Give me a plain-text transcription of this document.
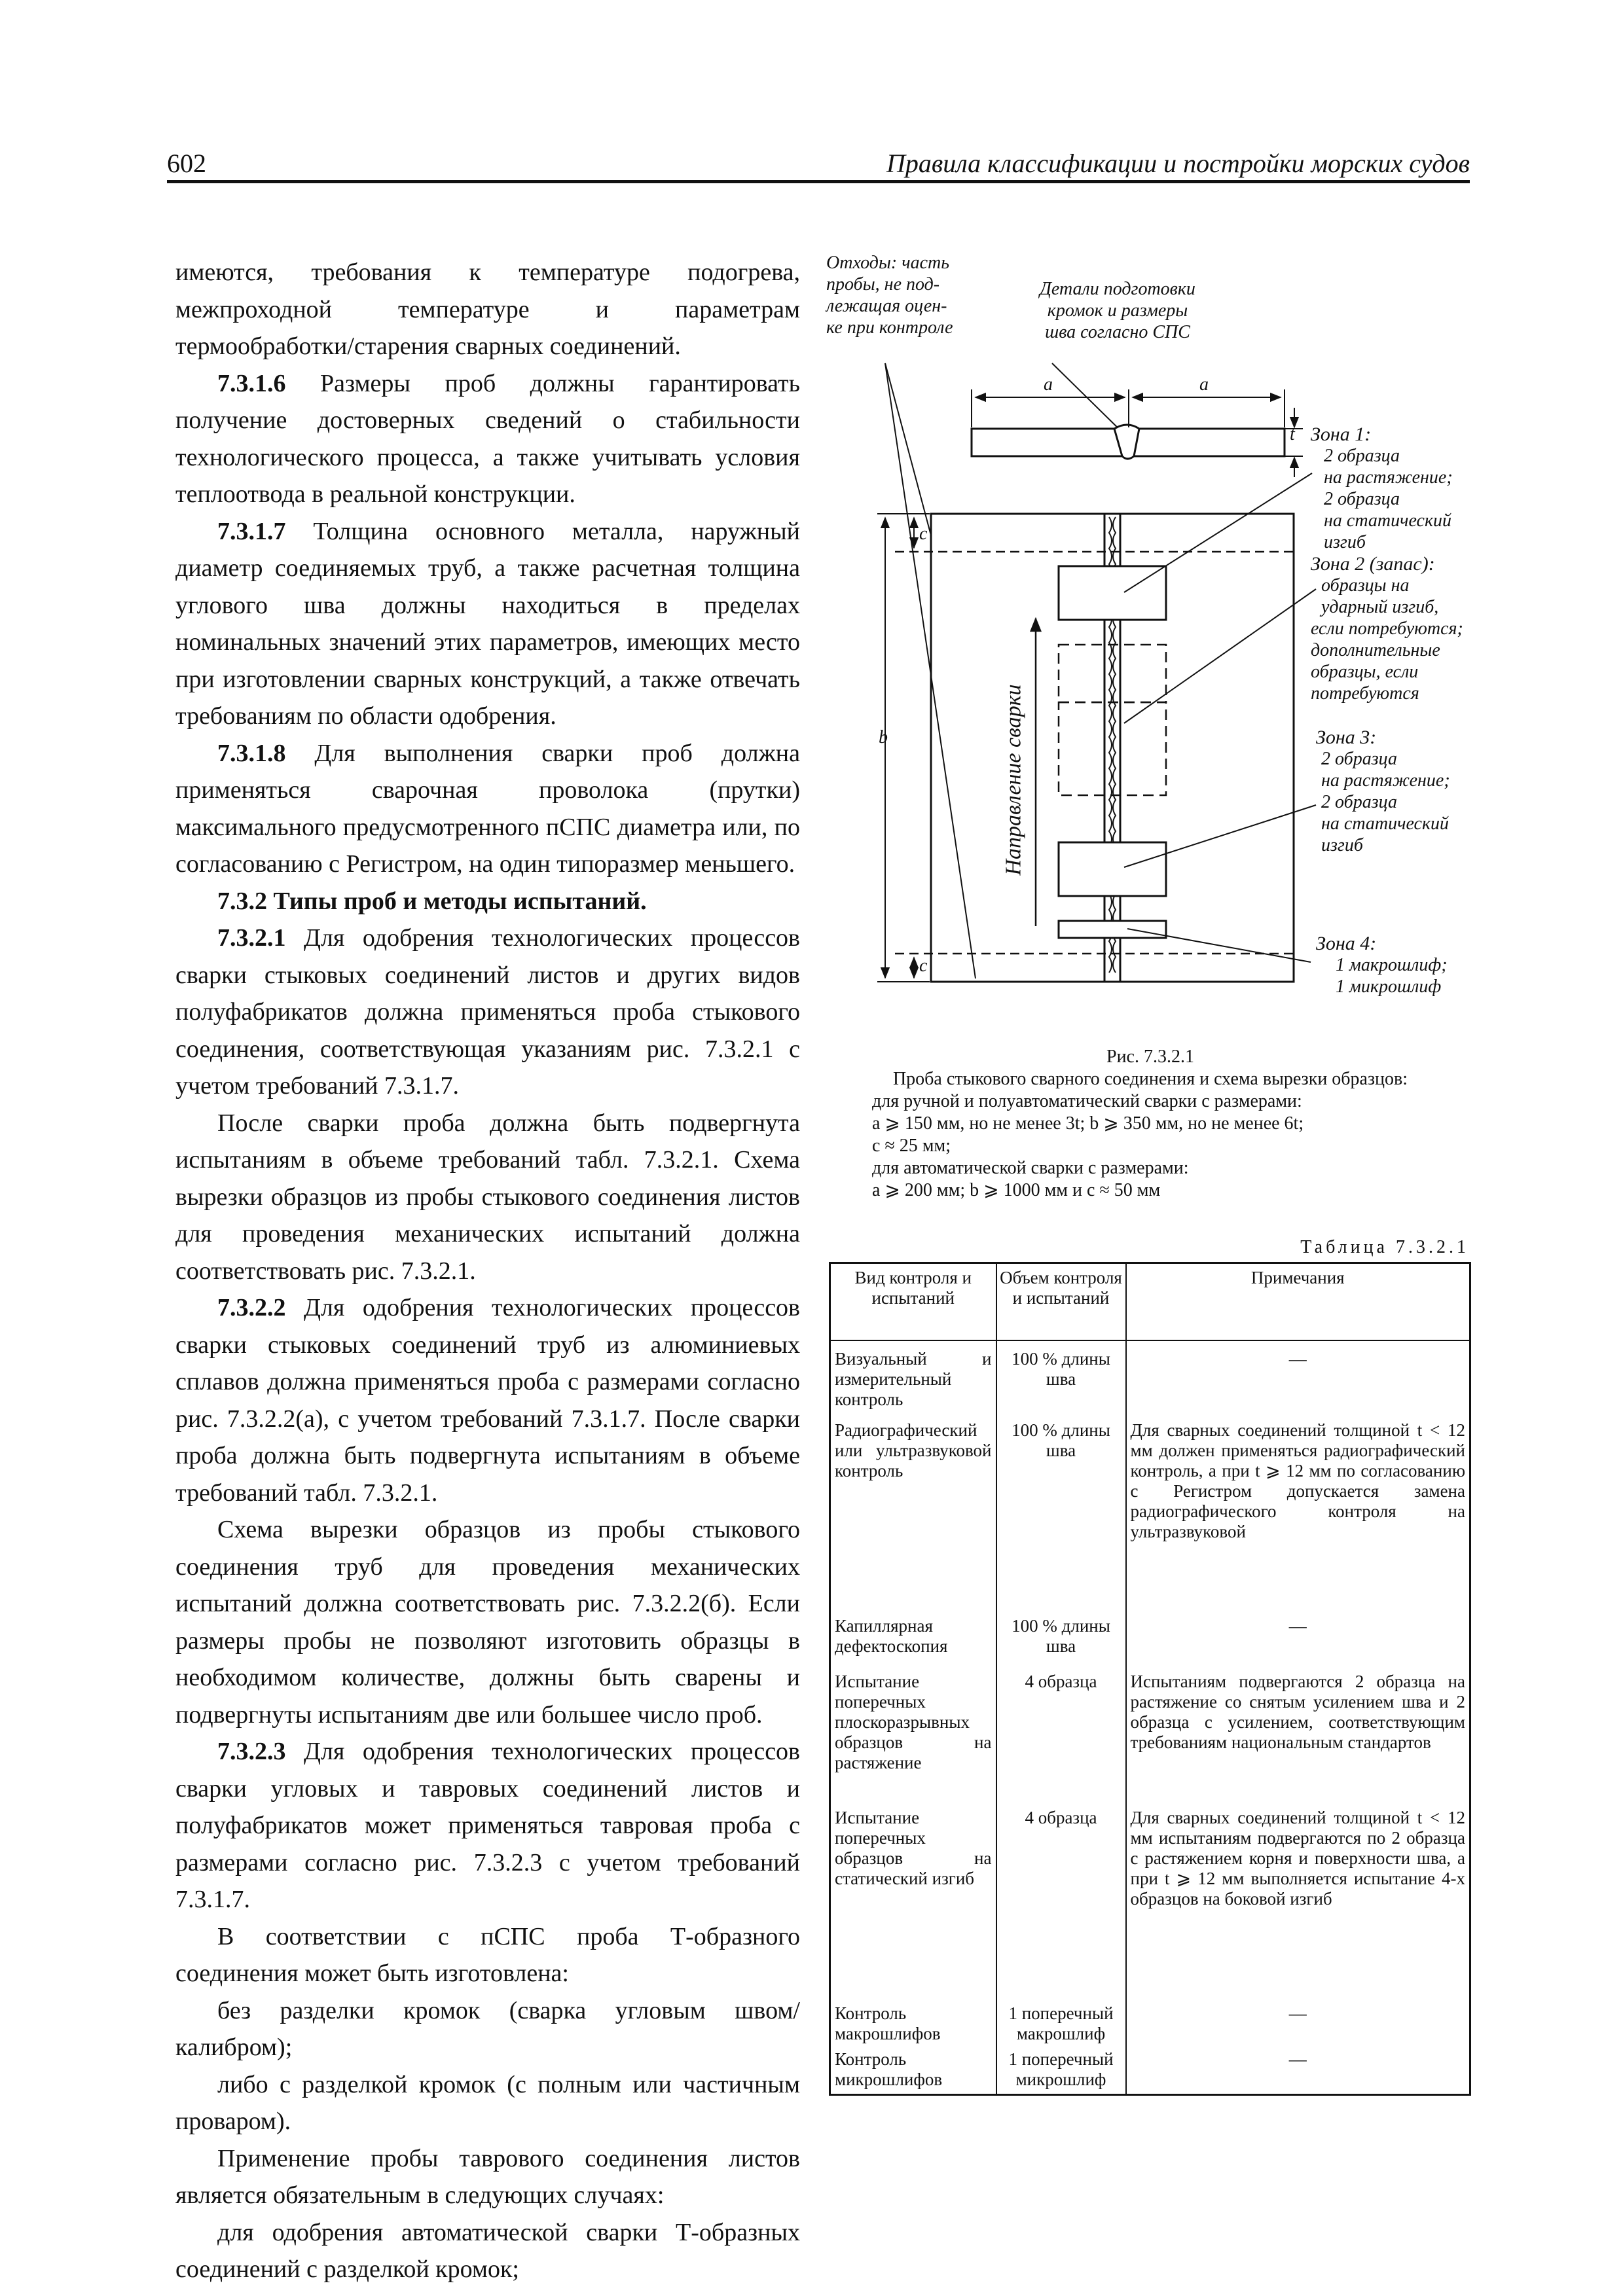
602	Правила классификации и постройки морских судов

имеются, требования к температуре подогрева, межпроходной температуре и параметрам термообработки/старения сварных соединений.

7.3.1.6 Размеры проб должны гарантировать получение достоверных сведений о стабильности технологического процесса, а также учитывать условия теплоотвода в реальной конструкции.

7.3.1.7 Толщина основного металла, наружный диаметр соединяемых труб, а также расчетная толщина углового шва должны находиться в пределах номинальных значений этих параметров, имеющих место при изготовлении сварных конструкций, а также отвечать требованиям по области одобрения.

7.3.1.8 Для выполнения сварки проб должна применяться сварочная проволока (прутки) максимального предусмотренного пСПС диаметра или, по согласованию с Регистром, на один типоразмер меньшего.

7.3.2 Типы проб и методы испытаний.

7.3.2.1 Для одобрения технологических процессов сварки стыковых соединений листов и других видов полуфабрикатов должна применяться проба стыкового соединения, соответствующая указаниям рис. 7.3.2.1 с учетом требований 7.3.1.7.

После сварки проба должна быть подвергнута испытаниям в объеме требований табл. 7.3.2.1. Схема вырезки образцов из пробы стыкового соединения листов для проведения механических испытаний должна соответствовать рис. 7.3.2.1.

7.3.2.2 Для одобрения технологических процессов сварки стыковых соединений труб из алюминиевых сплавов должна применяться проба с размерами согласно рис. 7.3.2.2(а), с учетом требований 7.3.1.7. После сварки проба должна быть подвергнута испытаниям в объеме требований табл. 7.3.2.1.

Схема вырезки образцов из пробы стыкового соединения труб для проведения механических испытаний должна соответствовать рис. 7.3.2.2(б). Если размеры пробы не позволяют изготовить образцы в необходимом количестве, должны быть сварены и подвергнуты испытаниям две или большее число проб.

7.3.2.3 Для одобрения технологических процессов сварки угловых и тавровых соединений листов и полуфабрикатов может применяться тавровая проба с размерами согласно рис. 7.3.2.3 с учетом требований 7.3.1.7.

В соответствии с пСПС проба Т-образного соединения может быть изготовлена:

без разделки кромок (сварка угловым швом/калибром);

либо с разделкой кромок (с полным или частичным проваром).

Применение пробы таврового соединения листов является обязательным в следующих случаях:

для одобрения автоматической сварки Т-образных соединений с разделкой кромок;

Отходы: часть
пробы, не под-
лежащая оцен-
ке при контроле
Детали подготовки
кромок и размеры
шва согласно СПС
a	a
t
c
c
b	Направление сварки
Зона 1:
2 образца
на растяжение;
2 образца
на статический
изгиб
Зона 2 (запас):
образцы на
ударный изгиб,
если потребуются;
дополнительные
образцы, если
потребуются
Зона 3:
2 образца
на растяжение;
2 образца
на статический
изгиб
Зона 4:
1 макрошлиф;
1 микрошлиф
Рис. 7.3.2.1
Проба стыкового сварного соединения и схема вырезки образцов:
для ручной и полуавтоматический сварки с размерами:
a ⩾ 150 мм, но не менее 3t; b ⩾ 350 мм, но не менее 6t;
c ≈ 25 мм;
для автоматической сварки с размерами:
a ⩾ 200 мм; b ⩾ 1000 мм и c ≈ 50 мм
Таблица 7.3.2.1
Вид контроля и испытаний	Объем контроля и испытаний	Примечания
Визуальный и измерительный контроль	100 % длины шва	—

Радиографический или ультразвуковой контроль	100 % длины шва	Для сварных соединений толщиной t < 12 мм должен применяться радиографический контроль, а при t ⩾ 12 мм по согласованию с Регистром допускается замена радиографического контроля на ультразвуковой
Капиллярная дефектоскопия	100 % длины шва	—

Испытание поперечных плоскоразрывных образцов на растяжение	4 образца	Испытаниям подвергаются 2 образца на растяжение со снятым усилением шва и 2 образца с усилением, соответствующим требованиям национальным стандартов
Испытание поперечных образцов на статический изгиб	4 образца	Для сварных соединений толщиной t < 12 мм испытаниям подвергаются по 2 образца с растяжением корня и поверхности шва, а при t ⩾ 12 мм выполняется испытание 4-х образцов на боковой изгиб
Контроль макрошлифов	1 поперечный макрошлиф	—

Контроль микрошлифов	1 поперечный микрошлиф	—
